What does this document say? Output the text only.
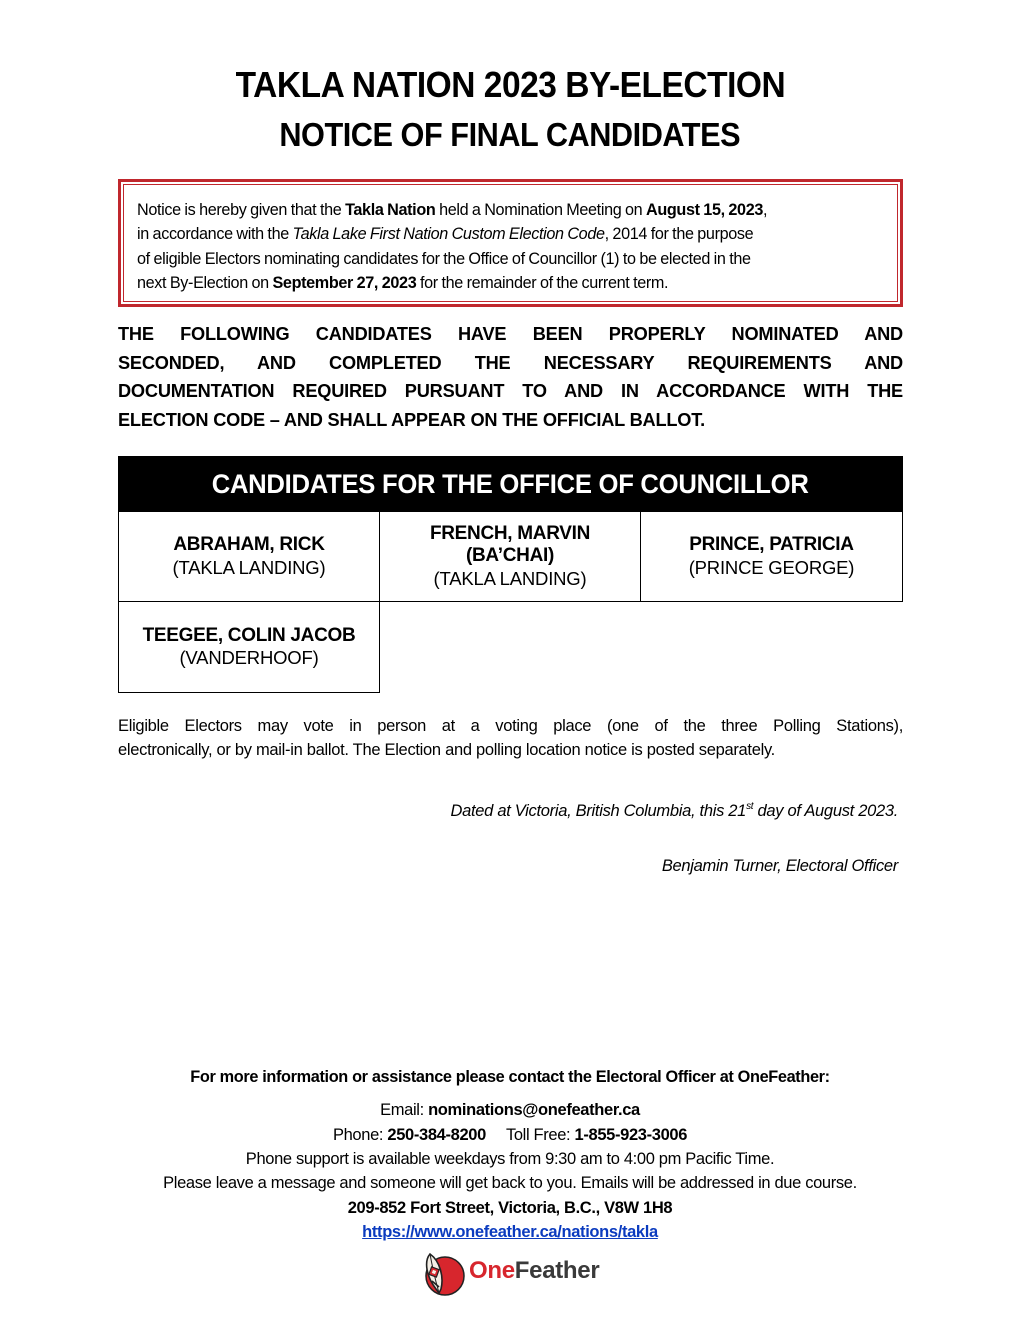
TAKLA NATION 2023 BY-ELECTION
NOTICE OF FINAL CANDIDATES
Notice is hereby given that the Takla Nation held a Nomination Meeting on August 15, 2023,
in accordance with the Takla Lake First Nation Custom Election Code, 2014 for the purpose
of eligible Electors nominating candidates for the Office of Councillor (1) to be elected in the
next By-Election on September 27, 2023 for the remainder of the current term.
THE FOLLOWING CANDIDATES HAVE BEEN PROPERLY NOMINATED AND
SECONDED, AND COMPLETED THE NECESSARY REQUIREMENTS AND
DOCUMENTATION REQUIRED PURSUANT TO AND IN ACCORDANCE WITH THE
ELECTION CODE – AND SHALL APPEAR ON THE OFFICIAL BALLOT.
CANDIDATES FOR THE OFFICE OF COUNCILLOR
ABRAHAM, RICK
(TAKLA LANDING)
FRENCH, MARVIN
(BA’CHAI)
(TAKLA LANDING)
PRINCE, PATRICIA
(PRINCE GEORGE)
TEEGEE, COLIN JACOB
(VANDERHOOF)
Eligible Electors may vote in person at a voting place (one of the three Polling Stations),
electronically, or by mail-in ballot. The Election and polling location notice is posted separately.
Dated at Victoria, British Columbia, this 21st day of August 2023.
Benjamin Turner, Electoral Officer
For more information or assistance please contact the Electoral Officer at OneFeather:
Email: nominations@onefeather.ca
Phone: 250-384-8200 Toll Free: 1-855-923-3006
Phone support is available weekdays from 9:30 am to 4:00 pm Pacific Time.
Please leave a message and someone will get back to you. Emails will be addressed in due course.
209-852 Fort Street, Victoria, B.C., V8W 1H8
https://www.onefeather.ca/nations/takla
OneFeather
